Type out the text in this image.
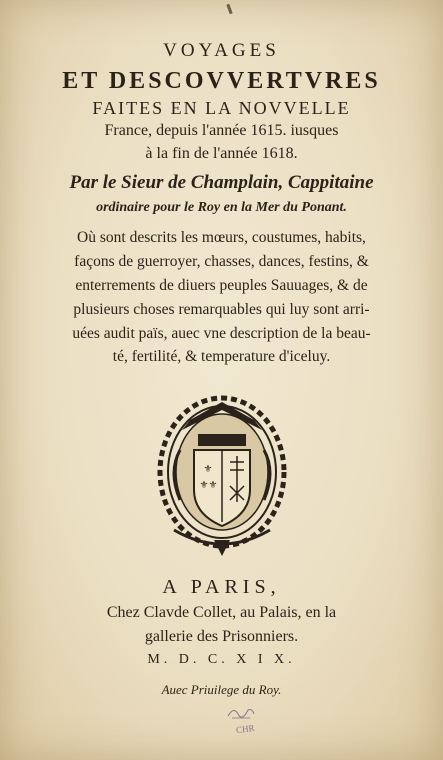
VOYAGES
ET DESCOVVERTVRES
FAITES EN LA NOVVELLE
France, depuis l'année 1615. iusques
à la fin de l'année 1618.
Par le Sieur de Champlain, Cappitaine
ordinaire pour le Roy en la Mer du Ponant.
Où sont descrits les mœurs, coustumes, habits,
façons de guerroyer, chasses, dances, festins, &
enterrements de diuers peuples Sauuages, & de
plusieurs choses remarquables qui luy sont arri-
uées audit païs, auec vne description de la beau-
té, fertilité, & temperature d'iceluy.
⚜
⚜ ⚜
A PARIS,
Chez Clavde Collet, au Palais, en la
gallerie des Prisonniers.
M. D. C. X I X.
Auec Priuilege du Roy.
CHR
